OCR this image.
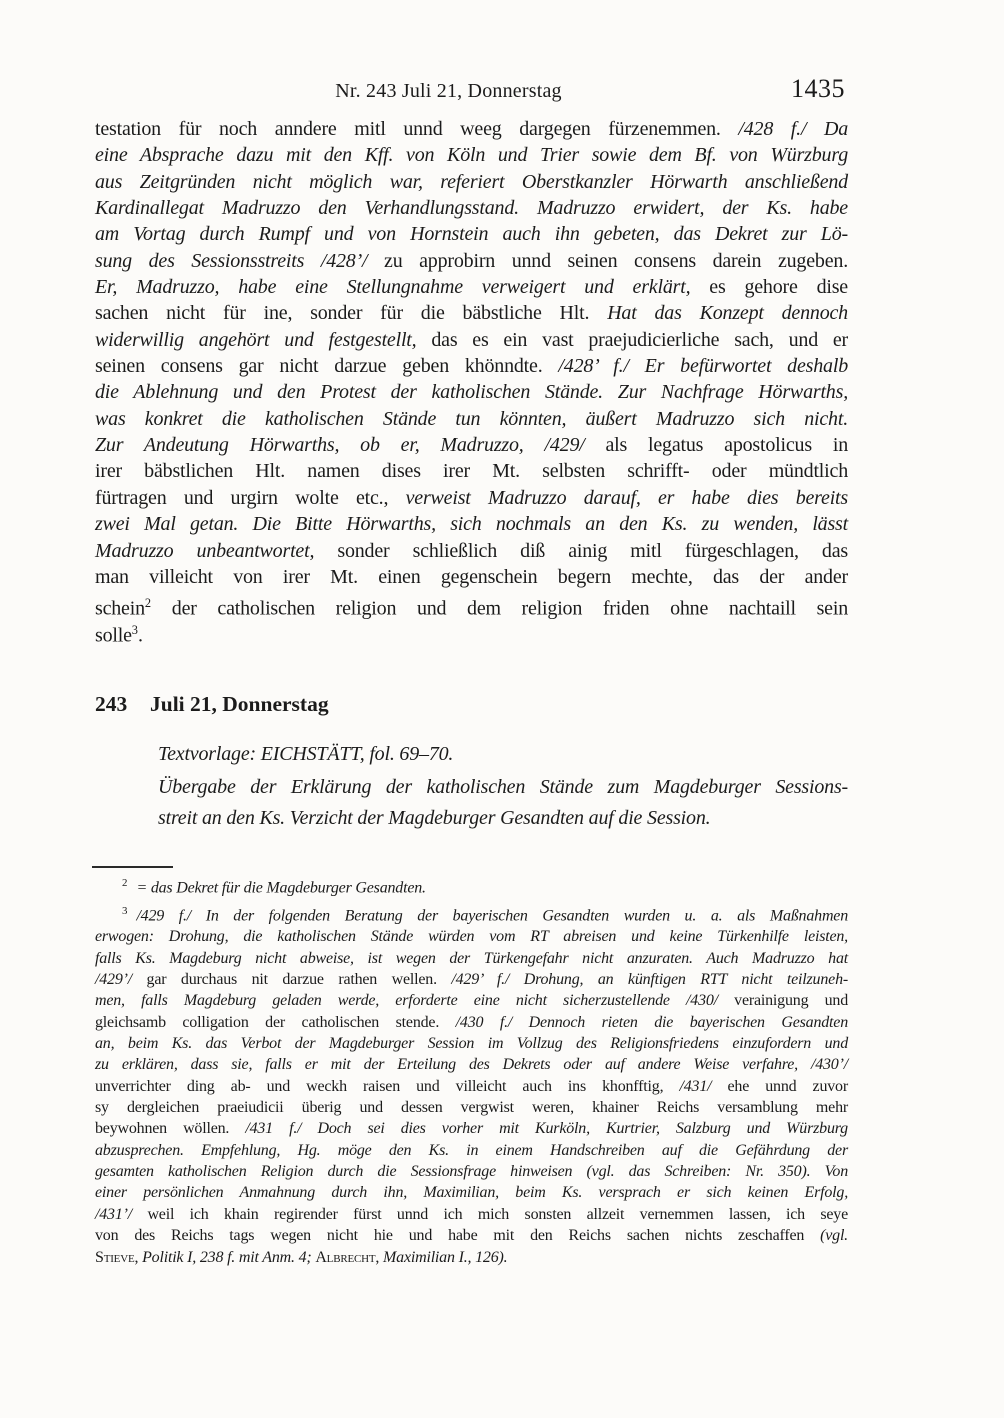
Nr. 243 Juli 21, Donnerstag	1435
testation für noch anndere mitl unnd weeg dargegen fürzenemmen. /428 f./ Da
eine Absprache dazu mit den Kff. von Köln und Trier sowie dem Bf. von Würzburg
aus Zeitgründen nicht möglich war, referiert Oberstkanzler Hörwarth anschließend
Kardinallegat Madruzzo den Verhandlungsstand. Madruzzo erwidert, der Ks. habe
am Vortag durch Rumpf und von Hornstein auch ihn gebeten, das Dekret zur Lö-
sung des Sessionsstreits /428’/ zu approbirn unnd seinen consens darein zugeben.
Er, Madruzzo, habe eine Stellungnahme verweigert und erklärt, es gehore dise
sachen nicht für ine, sonder für die bäbstliche Hlt. Hat das Konzept dennoch
widerwillig angehört und festgestellt, das es ein vast praejudicierliche sach, und er
seinen consens gar nicht darzue geben khönndte. /428’ f./ Er befürwortet deshalb
die Ablehnung und den Protest der katholischen Stände. Zur Nachfrage Hörwarths,
was konkret die katholischen Stände tun könnten, äußert Madruzzo sich nicht.
Zur Andeutung Hörwarths, ob er, Madruzzo, /429/ als legatus apostolicus in
irer bäbstlichen Hlt. namen dises irer Mt. selbsten schrifft- oder mündtlich
fürtragen und urgirn wolte etc., verweist Madruzzo darauf, er habe dies bereits
zwei Mal getan. Die Bitte Hörwarths, sich nochmals an den Ks. zu wenden, lässt
Madruzzo unbeantwortet, sonder schließlich diß ainig mitl fürgeschlagen, das
man villeicht von irer Mt. einen gegenschein begern mechte, das der ander
schein$^2$ der catholischen religion und dem religion friden ohne nachtaill sein
solle$^3$.
243 Juli 21, Donnerstag
Textvorlage: EICHSTÄTT, fol. 69–70.
Übergabe der Erklärung der katholischen Stände zum Magdeburger Sessions-
streit an den Ks. Verzicht der Magdeburger Gesandten auf die Session.
$^2$ = das Dekret für die Magdeburger Gesandten.
$^3$ /429 f./ In der folgenden Beratung der bayerischen Gesandten wurden u. a. als Maßnahmen
erwogen: Drohung, die katholischen Stände würden vom RT abreisen und keine Türkenhilfe leisten,
falls Ks. Magdeburg nicht abweise, ist wegen der Türkengefahr nicht anzuraten. Auch Madruzzo hat
/429’/ gar durchaus nit darzue rathen wellen. /429’ f./ Drohung, an künftigen RTT nicht teilzuneh-
men, falls Magdeburg geladen werde, erforderte eine nicht sicherzustellende /430/ verainigung und
gleichsamb colligation der catholischen stende. /430 f./ Dennoch rieten die bayerischen Gesandten
an, beim Ks. das Verbot der Magdeburger Session im Vollzug des Religionsfriedens einzufordern und
zu erklären, dass sie, falls er mit der Erteilung des Dekrets oder auf andere Weise verfahre, /430’/
unverrichter ding ab- und weckh raisen und villeicht auch ins khonfftig, /431/ ehe unnd zuvor
sy dergleichen praeiudicii überig und dessen vergwist weren, khainer Reichs versamblung mehr
beywohnen wöllen. /431 f./ Doch sei dies vorher mit Kurköln, Kurtrier, Salzburg und Würzburg
abzusprechen. Empfehlung, Hg. möge den Ks. in einem Handschreiben auf die Gefährdung der
gesamten katholischen Religion durch die Sessionsfrage hinweisen (vgl. das Schreiben: Nr. 350). Von
einer persönlichen Anmahnung durch ihn, Maximilian, beim Ks. versprach er sich keinen Erfolg,
/431’/ weil ich khain regirender fürst unnd ich mich sonsten allzeit vernemmen lassen, ich seye
von des Reichs tags wegen nicht hie und habe mit den Reichs sachen nichts zeschaffen (vgl.
Stieve, Politik I, 238 f. mit Anm. 4; Albrecht, Maximilian I., 126).
